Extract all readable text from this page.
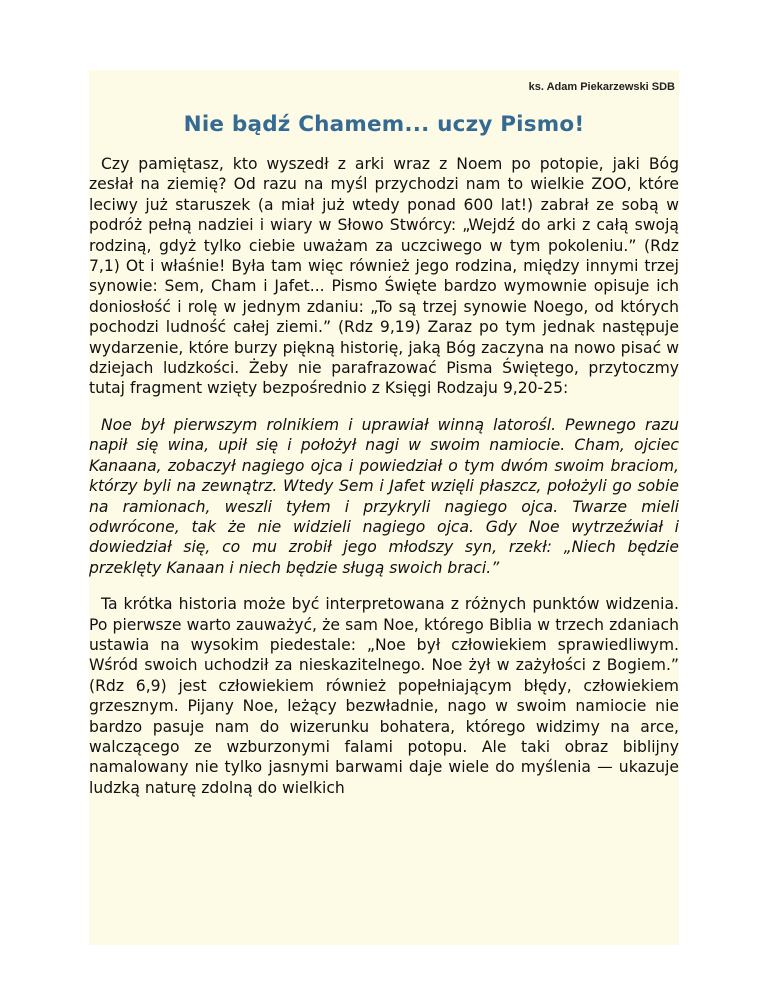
ks. Adam Piekarzewski SDB

Nie bądź Chamem... uczy Pismo!

Czy pamiętasz, kto wyszedł z arki wraz z Noem po potopie, jaki Bóg zesłał na ziemię? Od razu na myśl przychodzi nam to wielkie ZOO, które leciwy już staruszek (a miał już wtedy ponad 600 lat!) zabrał ze sobą w podróż pełną nadziei i wiary w Słowo Stwórcy: „Wejdź do arki z całą swoją rodziną, gdyż tylko ciebie uważam za uczciwego w tym pokoleniu.” (Rdz 7,1) Ot i właśnie! Była tam więc również jego rodzina, między innymi trzej synowie: Sem, Cham i Jafet... Pismo Święte bardzo wymownie opisuje ich doniosłość i rolę w jednym zdaniu: „To są trzej synowie Noego, od których pochodzi ludność całej ziemi.” (Rdz 9,19) Zaraz po tym jednak następuje wydarzenie, które burzy piękną historię, jaką Bóg zaczyna na nowo pisać w dziejach ludzkości. Żeby nie parafrazować Pisma Świętego, przytoczmy tutaj fragment wzięty bezpośrednio z Księgi Rodzaju 9,20-25:

Noe był pierwszym rolnikiem i uprawiał winną latorośl. Pewnego razu napił się wina, upił się i położył nagi w swoim namiocie. Cham, ojciec Kanaana, zobaczył nagiego ojca i powiedział o tym dwóm swoim braciom, którzy byli na zewnątrz. Wtedy Sem i Jafet wzięli płaszcz, położyli go sobie na ramionach, weszli tyłem i przykryli nagiego ojca. Twarze mieli odwrócone, tak że nie widzieli nagiego ojca. Gdy Noe wytrzeźwiał i dowiedział się, co mu zrobił jego młodszy syn, rzekł: „Niech będzie przeklęty Kanaan i niech będzie sługą swoich braci.”

Ta krótka historia może być interpretowana z różnych punktów widzenia. Po pierwsze warto zauważyć, że sam Noe, którego Biblia w trzech zdaniach ustawia na wysokim piedestale: „Noe był człowiekiem sprawiedliwym. Wśród swoich uchodził za nieskazitelnego. Noe żył w zażyłości z Bogiem.” (Rdz 6,9) jest człowiekiem również popełniającym błędy, człowiekiem grzesznym. Pijany Noe, leżący bezwładnie, nago w swoim namiocie nie bardzo pasuje nam do wizerunku bohatera, którego widzimy na arce, walczącego ze wzburzonymi falami potopu. Ale taki obraz biblijny namalowany nie tylko jasnymi barwami daje wiele do myślenia — ukazuje ludzką naturę zdolną do wielkich
